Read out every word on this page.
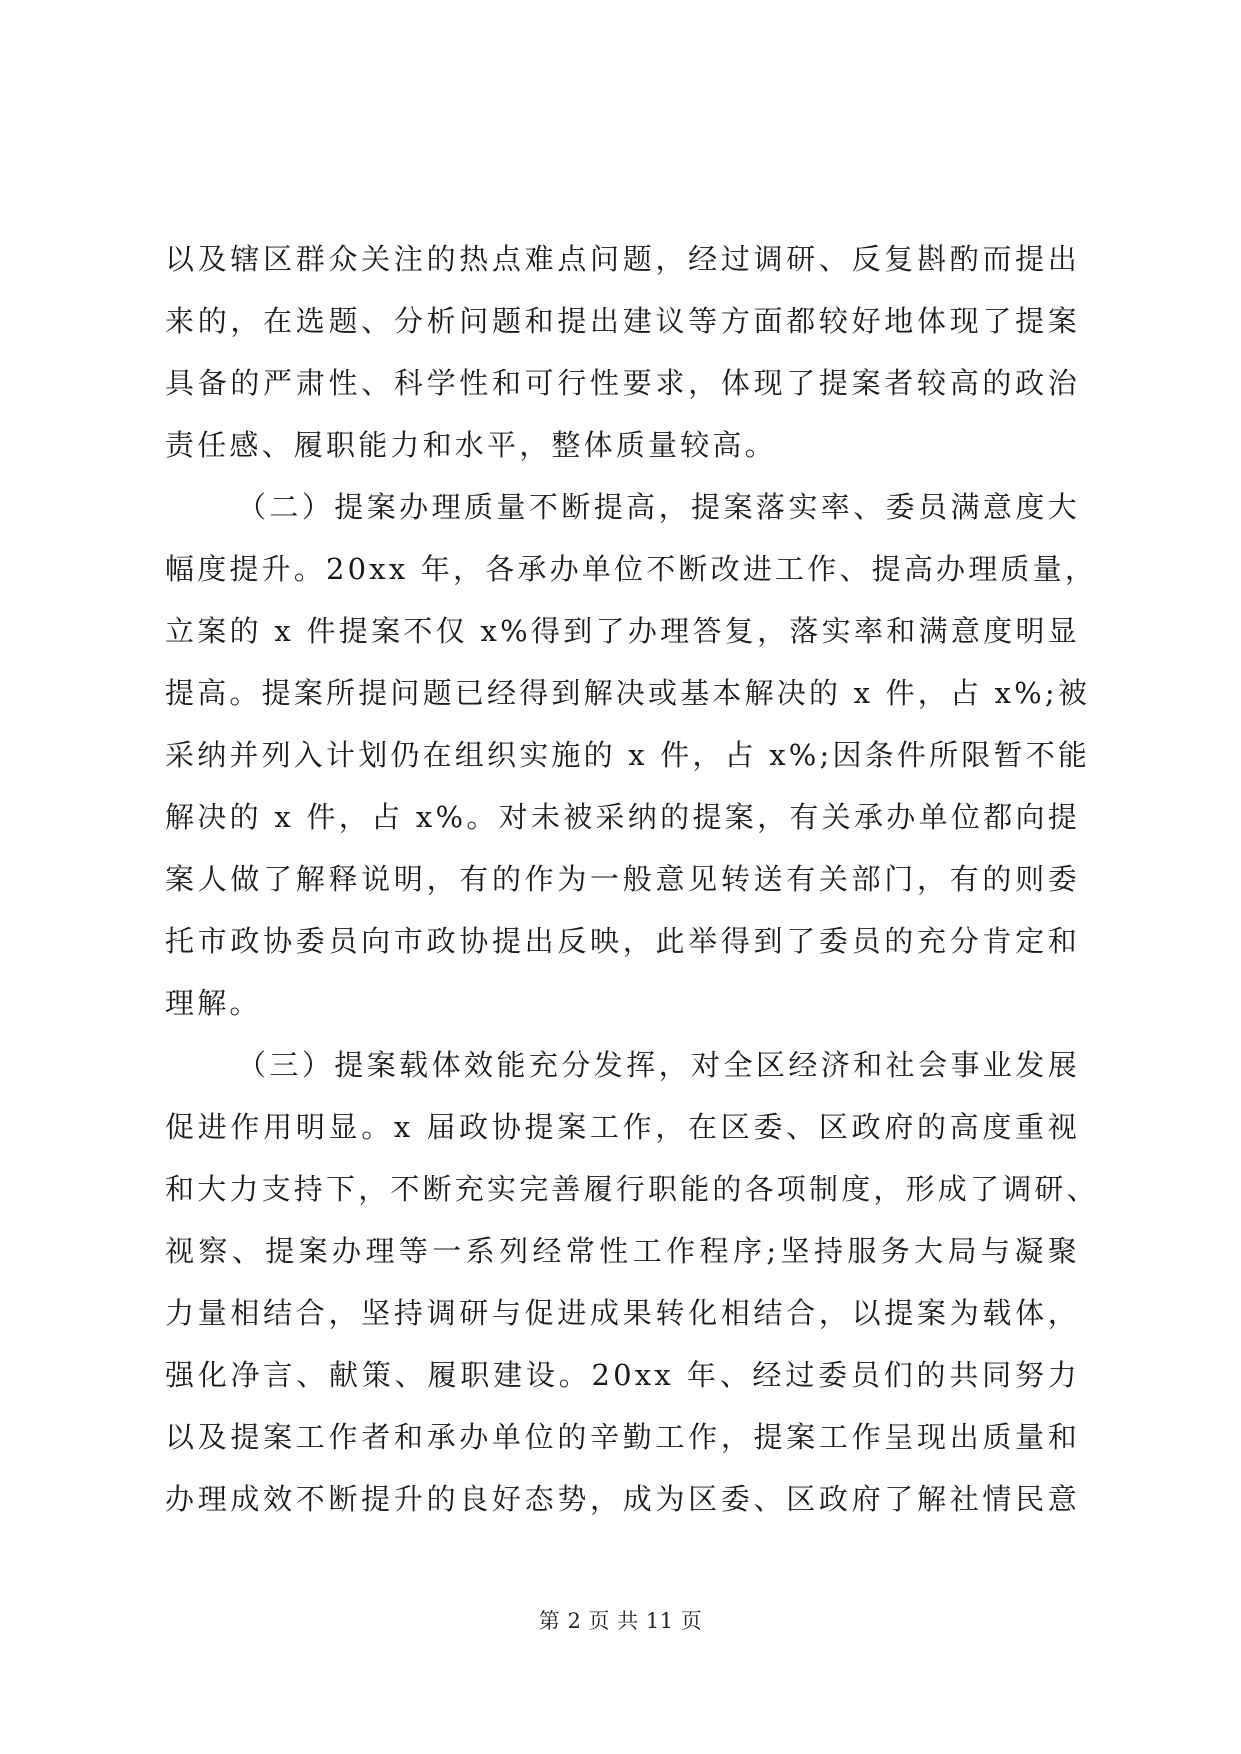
以及辖区群众关注的热点难点问题，经过调研、反复斟酌而提出
来的，在选题、分析问题和提出建议等方面都较好地体现了提案
具备的严肃性、科学性和可行性要求，体现了提案者较高的政治
责任感、履职能力和水平，整体质量较高。
（二）提案办理质量不断提高，提案落实率、委员满意度大
幅度提升。20xx 年，各承办单位不断改进工作、提高办理质量，
立案的 x 件提案不仅 x%得到了办理答复，落实率和满意度明显
提高。提案所提问题已经得到解决或基本解决的 x 件，占 x%;被
采纳并列入计划仍在组织实施的 x 件，占 x%;因条件所限暂不能
解决的 x 件，占 x%。对未被采纳的提案，有关承办单位都向提
案人做了解释说明，有的作为一般意见转送有关部门，有的则委
托市政协委员向市政协提出反映，此举得到了委员的充分肯定和
理解。
（三）提案载体效能充分发挥，对全区经济和社会事业发展
促进作用明显。x 届政协提案工作，在区委、区政府的高度重视
和大力支持下，不断充实完善履行职能的各项制度，形成了调研、
视察、提案办理等一系列经常性工作程序;坚持服务大局与凝聚
力量相结合，坚持调研与促进成果转化相结合，以提案为载体，
强化净言、献策、履职建设。20xx 年、经过委员们的共同努力
以及提案工作者和承办单位的辛勤工作，提案工作呈现出质量和
办理成效不断提升的良好态势，成为区委、区政府了解社情民意
第 2 页 共 11 页
